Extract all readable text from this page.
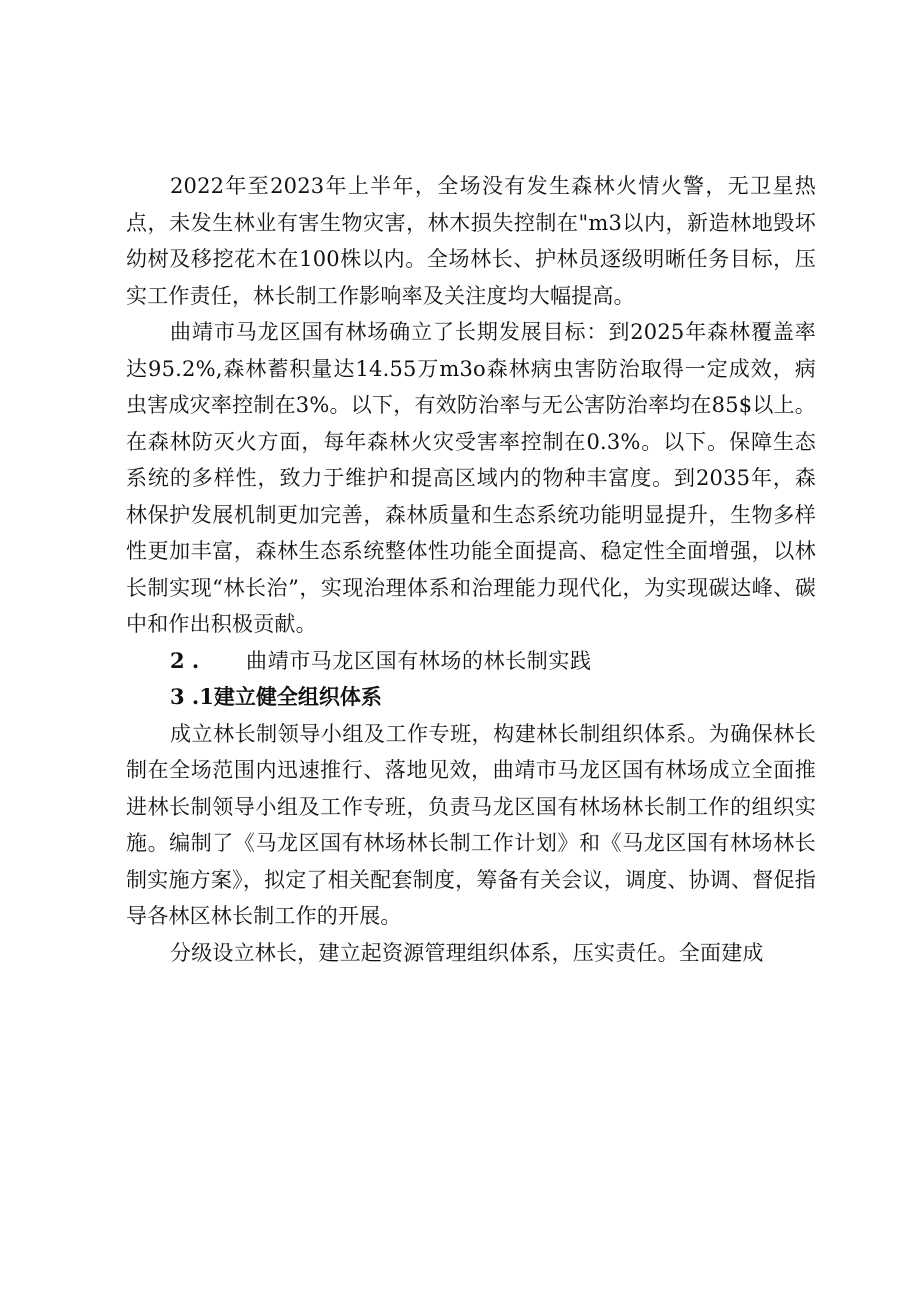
2022年至2023年上半年，全场没有发生森林火情火警，无卫星热点，未发生林业有害生物灾害，林木损失控制在"m3以内，新造林地毁坏幼树及移挖花木在100株以内。全场林长、护林员逐级明晰任务目标，压实工作责任，林长制工作影响率及关注度均大幅提高。

曲靖市马龙区国有林场确立了长期发展目标：到2025年森林覆盖率达95.2%,森林蓄积量达14.55万m3o森林病虫害防治取得一定成效，病虫害成灾率控制在3%。以下，有效防治率与无公害防治率均在85$以上。在森林防灭火方面，每年森林火灾受害率控制在0.3%。以下。保障生态系统的多样性，致力于维护和提高区域内的物种丰富度。到2035年，森林保护发展机制更加完善，森林质量和生态系统功能明显提升，生物多样性更加丰富，森林生态系统整体性功能全面提高、稳定性全面增强，以林长制实现“林长治”，实现治理体系和治理能力现代化，为实现碳达峰、碳中和作出积极贡献。

2 . 曲靖市马龙区国有林场的林长制实践

3 .1建立健全组织体系

成立林长制领导小组及工作专班，构建林长制组织体系。为确保林长制在全场范围内迅速推行、落地见效，曲靖市马龙区国有林场成立全面推进林长制领导小组及工作专班，负责马龙区国有林场林长制工作的组织实施。编制了《马龙区国有林场林长制工作计划》和《马龙区国有林场林长制实施方案》，拟定了相关配套制度，筹备有关会议，调度、协调、督促指导各林区林长制工作的开展。

分级设立林长，建立起资源管理组织体系，压实责任。全面建成
